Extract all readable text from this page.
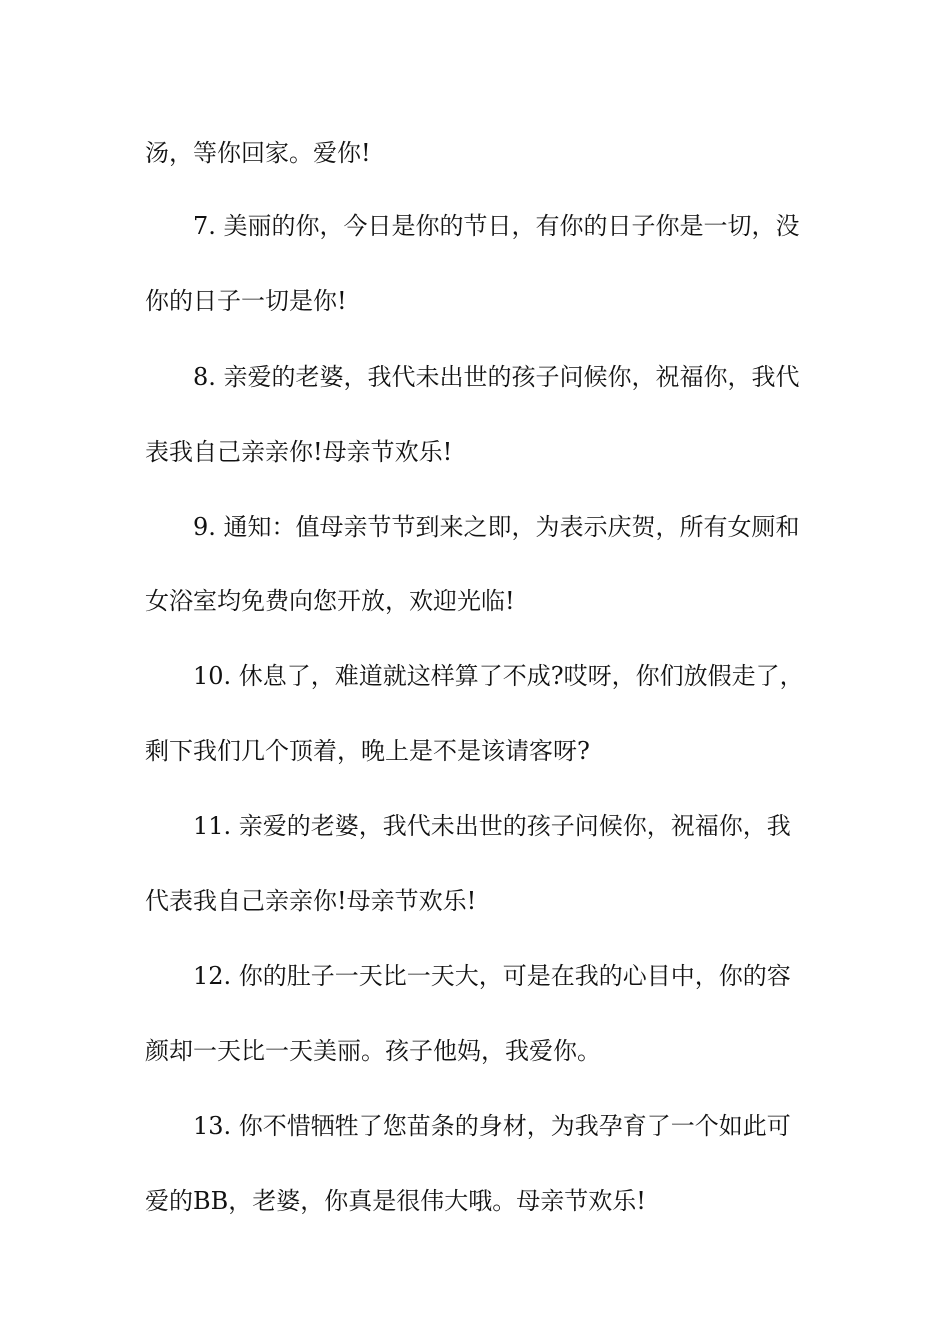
汤，等你回家。爱你!
7. 美丽的你，今日是你的节日，有你的日子你是一切，没
你的日子一切是你!
8. 亲爱的老婆，我代未出世的孩子问候你，祝福你，我代
表我自己亲亲你!母亲节欢乐!
9. 通知：值母亲节节到来之即，为表示庆贺，所有女厕和
女浴室均免费向您开放，欢迎光临!
10. 休息了，难道就这样算了不成?哎呀，你们放假走了，
剩下我们几个顶着，晚上是不是该请客呀?
11. 亲爱的老婆，我代未出世的孩子问候你，祝福你，我
代表我自己亲亲你!母亲节欢乐!
12. 你的肚子一天比一天大，可是在我的心目中，你的容
颜却一天比一天美丽。孩子他妈，我爱你。
13. 你不惜牺牲了您苗条的身材，为我孕育了一个如此可
爱的BB，老婆，你真是很伟大哦。母亲节欢乐!
